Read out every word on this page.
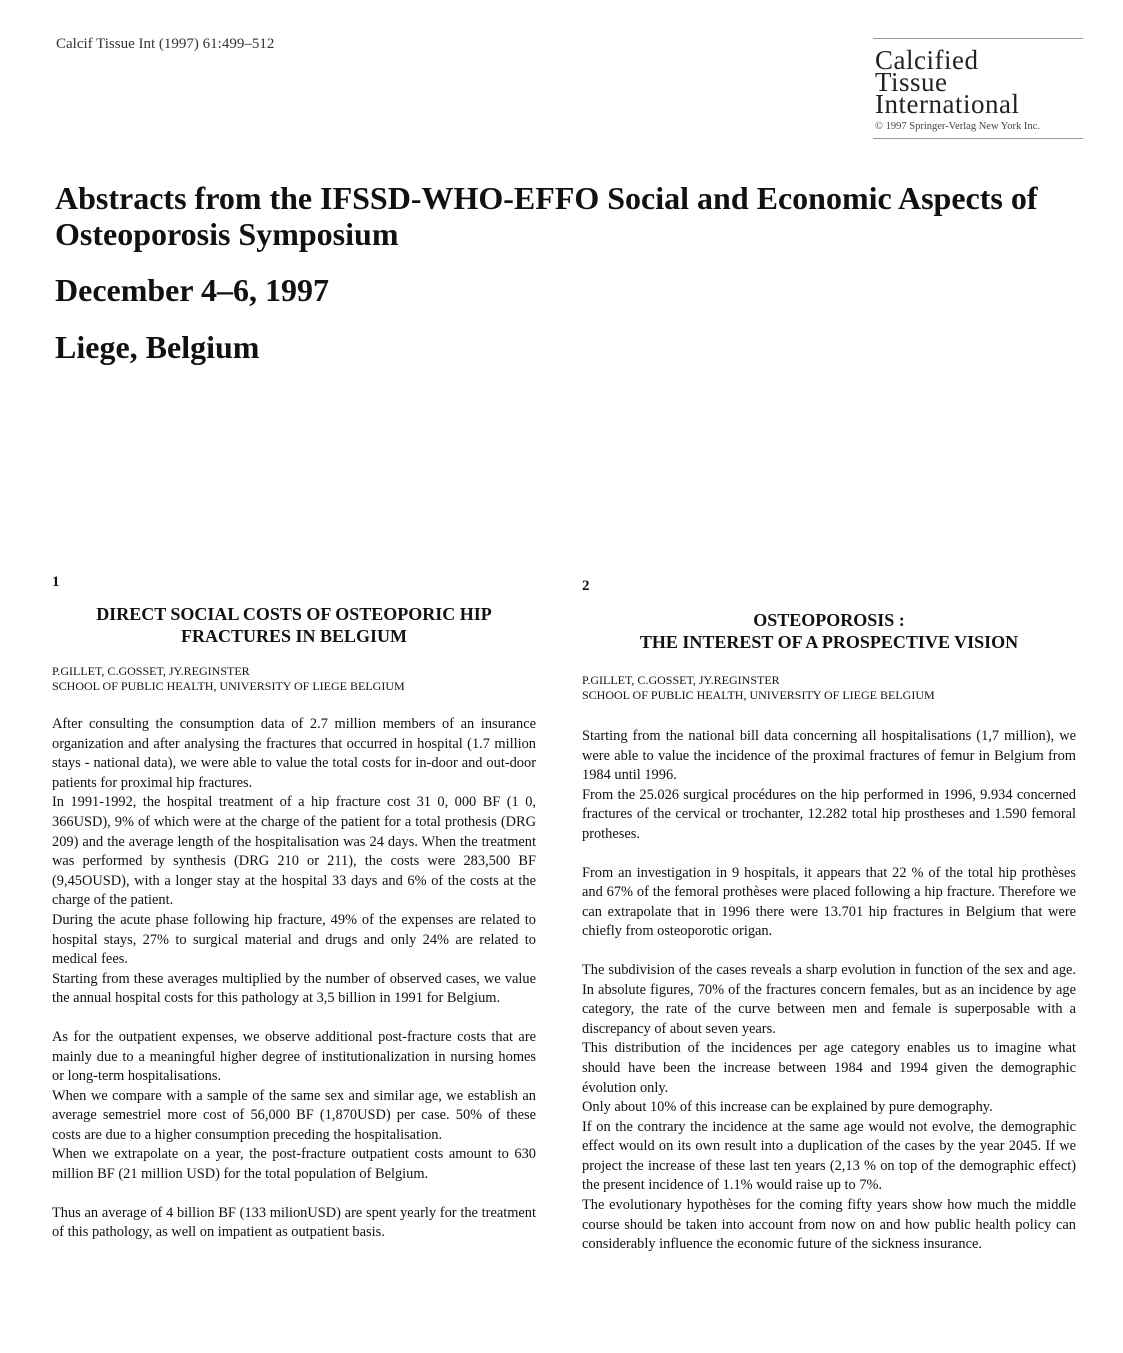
Calcif Tissue Int (1997) 61:499–512
Calcified
Tissue
International
© 1997 Springer-Verlag New York Inc.
Abstracts from the IFSSD-WHO-EFFO Social and Economic Aspects of Osteoporosis Symposium
December 4–6, 1997
Liege, Belgium
1
DIRECT SOCIAL COSTS OF OSTEOPORIC HIP FRACTURES IN BELGIUM
P.GILLET, C.GOSSET, JY.REGINSTER
SCHOOL OF PUBLIC HEALTH, UNIVERSITY OF LIEGE BELGIUM

After consulting the consumption data of 2.7 million members of an insurance organization and after analysing the fractures that occurred in hospital (1.7 million stays - national data), we were able to value the total costs for in-door and out-door patients for proximal hip fractures.

In 1991-1992, the hospital treatment of a hip fracture cost 31 0, 000 BF (1 0, 366USD), 9% of which were at the charge of the patient for a total prothesis (DRG 209) and the average length of the hospitalisation was 24 days. When the treatment was performed by synthesis (DRG 210 or 211), the costs were 283,500 BF (9,45OUSD), with a longer stay at the hospital 33 days and 6% of the costs at the charge of the patient.

During the acute phase following hip fracture, 49% of the expenses are related to hospital stays, 27% to surgical material and drugs and only 24% are related to medical fees.

Starting from these averages multiplied by the number of observed cases, we value the annual hospital costs for this pathology at 3,5 billion in 1991 for Belgium.

As for the outpatient expenses, we observe additional post-fracture costs that are mainly due to a meaningful higher degree of institutionalization in nursing homes or long-term hospitalisations.

When we compare with a sample of the same sex and similar age, we establish an average semestriel more cost of 56,000 BF (1,870USD) per case. 50% of these costs are due to a higher consumption preceding the hospitalisation.

When we extrapolate on a year, the post-fracture outpatient costs amount to 630 million BF (21 million USD) for the total population of Belgium.

Thus an average of 4 billion BF (133 milionUSD) are spent yearly for the treatment of this pathology, as well on impatient as outpatient basis.

2
OSTEOPOROSIS :
THE INTEREST OF A PROSPECTIVE VISION
P.GILLET, C.GOSSET, JY.REGINSTER
SCHOOL OF PUBLIC HEALTH, UNIVERSITY OF LIEGE BELGIUM

Starting from the national bill data concerning all hospitalisations (1,7 million), we were able to value the incidence of the proximal fractures of femur in Belgium from 1984 until 1996.

From the 25.026 surgical procédures on the hip performed in 1996, 9.934 concerned fractures of the cervical or trochanter, 12.282 total hip prostheses and 1.590 femoral protheses.

From an investigation in 9 hospitals, it appears that 22 % of the total hip prothèses and 67% of the femoral prothèses were placed following a hip fracture. Therefore we can extrapolate that in 1996 there were 13.701 hip fractures in Belgium that were chiefly from osteoporotic origan.

The subdivision of the cases reveals a sharp evolution in function of the sex and age. In absolute figures, 70% of the fractures concern females, but as an incidence by age category, the rate of the curve between men and female is superposable with a discrepancy of about seven years.

This distribution of the incidences per age category enables us to imagine what should have been the increase between 1984 and 1994 given the demographic évolution only.

Only about 10% of this increase can be explained by pure demography.

If on the contrary the incidence at the same age would not evolve, the demographic effect would on its own result into a duplication of the cases by the year 2045. If we project the increase of these last ten years (2,13 % on top of the demographic effect) the present incidence of 1.1% would raise up to 7%.

The evolutionary hypothèses for the coming fifty years show how much the middle course should be taken into account from now on and how public health policy can considerably influence the economic future of the sickness insurance.
